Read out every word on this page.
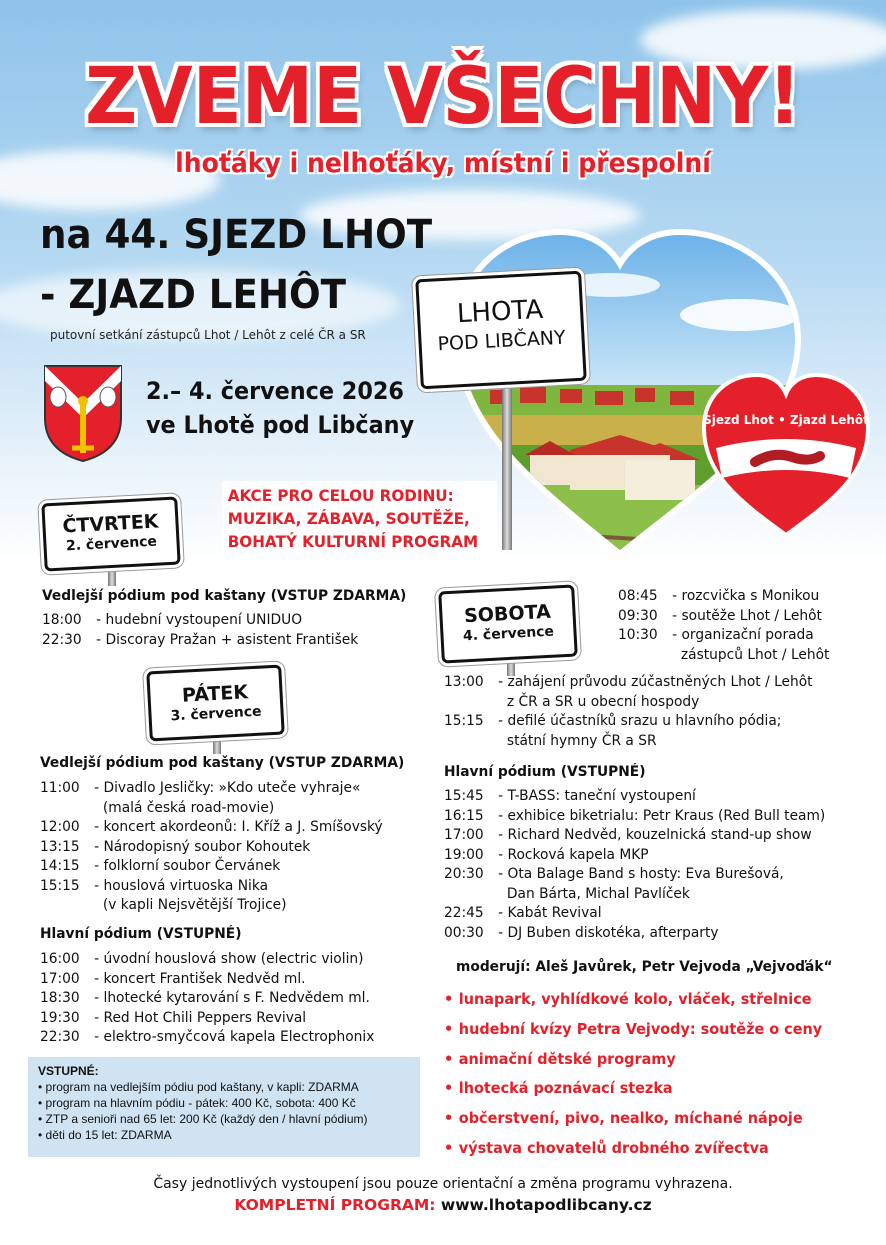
ZVEME VŠECHNY!
lhoťáky i nelhoťáky, místní i přespolní
na 44. SJEZD LHOT
- ZJAZD LEHÔT
putovní setkání zástupců Lhot / Lehôt z celé ČR a SR
2.– 4. července 2026
ve Lhotě pod Libčany
LHOTA
POD LIBČANY
Sjezd Lhot • Zjazd Lehôt
AKCE PRO CELOU RODINU:
MUZIKA, ZÁBAVA, SOUTĚŽE,
BOHATÝ KULTURNÍ PROGRAM
ČTVRTEK
2. července
Vedlejší pódium pod kaštany (VSTUP ZDARMA)
18:00 - hudební vystoupení UNIDUO
22:30 - Discoray Pražan + asistent František
PÁTEK
3. července
Vedlejší pódium pod kaštany (VSTUP ZDARMA)
11:00 - Divadlo Jesličky: »Kdo uteče vyhraje«
(malá česká road-movie)
12:00 - koncert akordeonů: I. Kříž a J. Smíšovský
13:15 - Národopisný soubor Kohoutek
14:15 - folklorní soubor Červánek
15:15 - houslová virtuoska Nika
(v kapli Nejsvětější Trojice)
Hlavní pódium (VSTUPNÉ)
16:00 - úvodní houslová show (electric violin)
17:00 - koncert František Nedvěd ml.
18:30 - lhotecké kytarování s F. Nedvědem ml.
19:30 - Red Hot Chili Peppers Revival
22:30 - elektro-smyčcová kapela Electrophonix
SOBOTA
4. července
08:45 - rozcvička s Monikou
09:30 - soutěže Lhot / Lehôt
10:30 - organizační porada
zástupců Lhot / Lehôt
13:00 - zahájení průvodu zúčastněných Lhot / Lehôt
z ČR a SR u obecní hospody
15:15 - defilé účastníků srazu u hlavního pódia;
státní hymny ČR a SR
Hlavní pódium (VSTUPNÉ)
15:45 - T-BASS: taneční vystoupení
16:15 - exhibice biketrialu: Petr Kraus (Red Bull team)
17:00 - Richard Nedvěd, kouzelnická stand-up show
19:00 - Rocková kapela MKP
20:30 - Ota Balage Band s hosty: Eva Burešová,
Dan Bárta, Michal Pavlíček
22:45 - Kabát Revival
00:30 - DJ Buben diskotéka, afterparty
moderují: Aleš Javůrek, Petr Vejvoda „Vejvoďák“
• lunapark, vyhlídkové kolo, vláček, střelnice
• hudební kvízy Petra Vejvody: soutěže o ceny
• animační dětské programy
• lhotecká poznávací stezka
• občerstvení, pivo, nealko, míchané nápoje
• výstava chovatelů drobného zvířectva
VSTUPNÉ:
• program na vedlejším pódiu pod kaštany, v kapli: ZDARMA
• program na hlavním pódiu - pátek: 400 Kč, sobota: 400 Kč
• ZTP a senioři nad 65 let: 200 Kč (každý den / hlavní pódium)
• děti do 15 let: ZDARMA
Časy jednotlivých vystoupení jsou pouze orientační a změna programu vyhrazena.
KOMPLETNÍ PROGRAM: www.lhotapodlibcany.cz
